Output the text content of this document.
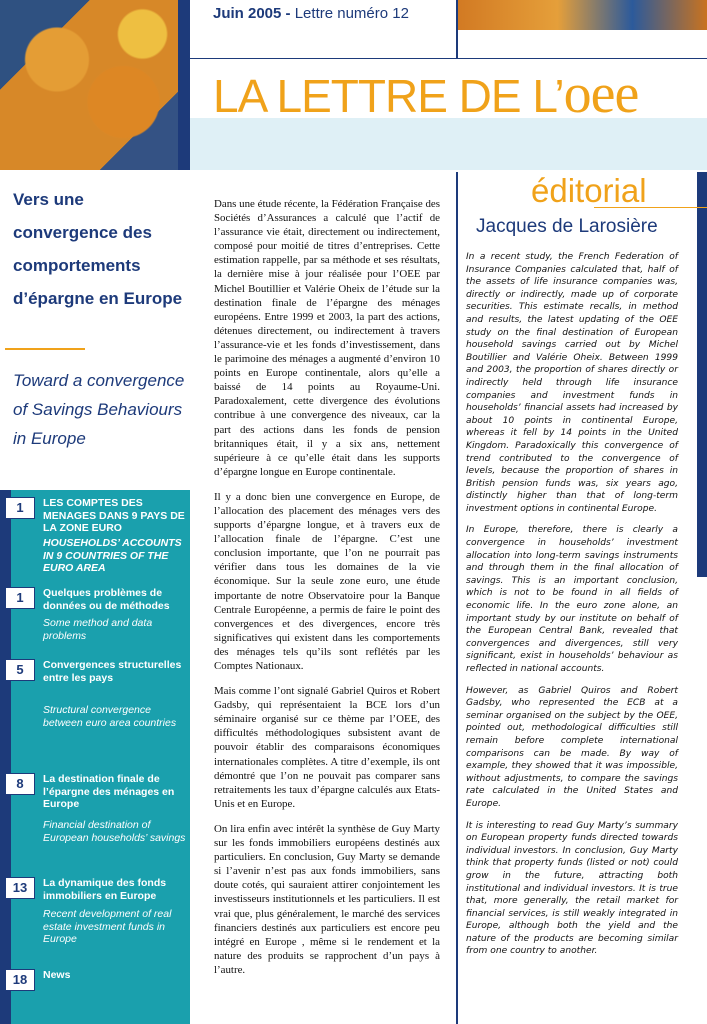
Juin 2005 - Lettre numéro 12
LA LETTRE DE L’oee
Vers une convergence des comportements d’épargne en Europe
Toward a convergence of Savings Behaviours in Europe
1	LES COMPTES DES MENAGES DANS 9 PAYS DE LA ZONE EURO
HOUSEHOLDS’ ACCOUNTS IN 9 COUNTRIES OF THE EURO AREA
1	Quelques problèmes de données ou de méthodes
Some method and data problems
5	Convergences structurelles entre les pays
Structural convergence between euro area countries
8	La destination finale de l’épargne des ménages en Europe
Financial destination of European households’ savings
13	La dynamique des fonds immobiliers en Europe
Recent development of real estate investment funds in Europe
18	News

Dans une étude récente, la Fédération Française des Sociétés d’Assurances a calculé que l’actif de l’assurance vie était, directement ou indirectement, composé pour moitié de titres d’entreprises. Cette estimation rappelle, par sa méthode et ses résultats, la dernière mise à jour réalisée pour l’OEE par Michel Boutillier et Valérie Oheix de l’étude sur la destination finale de l’épargne des ménages européens. Entre 1999 et 2003, la part des actions, détenues directement, ou indirectement à travers l’assurance-vie et les fonds d’investissement, dans le parimoine des ménages a augmenté d’environ 10 points en Europe continentale, alors qu’elle a baissé de 14 points au Royaume-Uni. Paradoxalement, cette divergence des évolutions contribue à une convergence des niveaux, car la part des actions dans les fonds de pension britanniques était, il y a six ans, nettement supérieure à ce qu’elle était dans les supports d’épargne longue en Europe continentale.

Il y a donc bien une convergence en Europe, de l’allocation des placement des ménages vers des supports d’épargne longue, et à travers eux de l’allocation finale de l’épargne. C’est une conclusion importante, que l’on ne pourrait pas vérifier dans tous les domaines de la vie économique. Sur la seule zone euro, une étude importante de notre Observatoire pour la Banque Centrale Européenne, a permis de faire le point des convergences et des divergences, encore très significatives qui existent dans les comportements des ménages tels qu’ils sont reflétés par les Comptes Nationaux.

Mais comme l’ont signalé Gabriel Quiros et Robert Gadsby, qui représentaient la BCE lors d’un séminaire organisé sur ce thème par l’OEE, des difficultés méthodologiques subsistent avant de pouvoir établir des comparaisons économiques internationales complètes. A titre d’exemple, ils ont démontré que l’on ne pouvait pas comparer sans retraitements les taux d’épargne calculés aux Etats-Unis et en Europe.

On lira enfin avec intérêt la synthèse de Guy Marty sur les fonds immobiliers européens destinés aux particuliers. En conclusion, Guy Marty se demande si l’avenir n’est pas aux fonds immobiliers, sans doute cotés, qui sauraient attirer conjointement les investisseurs institutionnels et les particuliers. Il est vrai que, plus généralement, le marché des services financiers destinés aux particuliers est encore peu intégré en Europe , même si le rendement et la nature des produits se rapprochent d’un pays à l’autre.

éditorial
Jacques de Larosière

In a recent study, the French Federation of Insurance Companies calculated that, half of the assets of life insurance companies was, directly or indirectly, made up of corporate securities. This estimate recalls, in method and results, the latest updating of the OEE study on the final destination of European household savings carried out by Michel Boutillier and Valérie Oheix. Between 1999 and 2003, the proportion of shares directly or indirectly held through life insurance companies and investment funds in households’ financial assets had increased by about 10 points in continental Europe, whereas it fell by 14 points in the United Kingdom. Paradoxically this convergence of trend contributed to the convergence of levels, because the proportion of shares in British pension funds was, six years ago, distinctly higher than that of long-term investment options in continental Europe.

In Europe, therefore, there is clearly a convergence in households’ investment allocation into long-term savings instruments and through them in the final allocation of savings. This is an important conclusion, which is not to be found in all fields of economic life. In the euro zone alone, an important study by our institute on behalf of the European Central Bank, revealed that convergences and divergences, still very significant, exist in households’ behaviour as reflected in national accounts.

However, as Gabriel Quiros and Robert Gadsby, who represented the ECB at a seminar organised on the subject by the OEE, pointed out, methodological difficulties still remain before complete international comparisons can be made. By way of example, they showed that it was impossible, without adjustments, to compare the savings rate calculated in the United States and Europe.

It is interesting to read Guy Marty’s summary on European property funds directed towards individual investors. In conclusion, Guy Marty think that property funds (listed or not) could grow in the future, attracting both institutional and individual investors. It is true that, more generally, the retail market for financial services, is still weakly integrated in Europe, although both the yield and the nature of the products are becoming similar from one country to another.
